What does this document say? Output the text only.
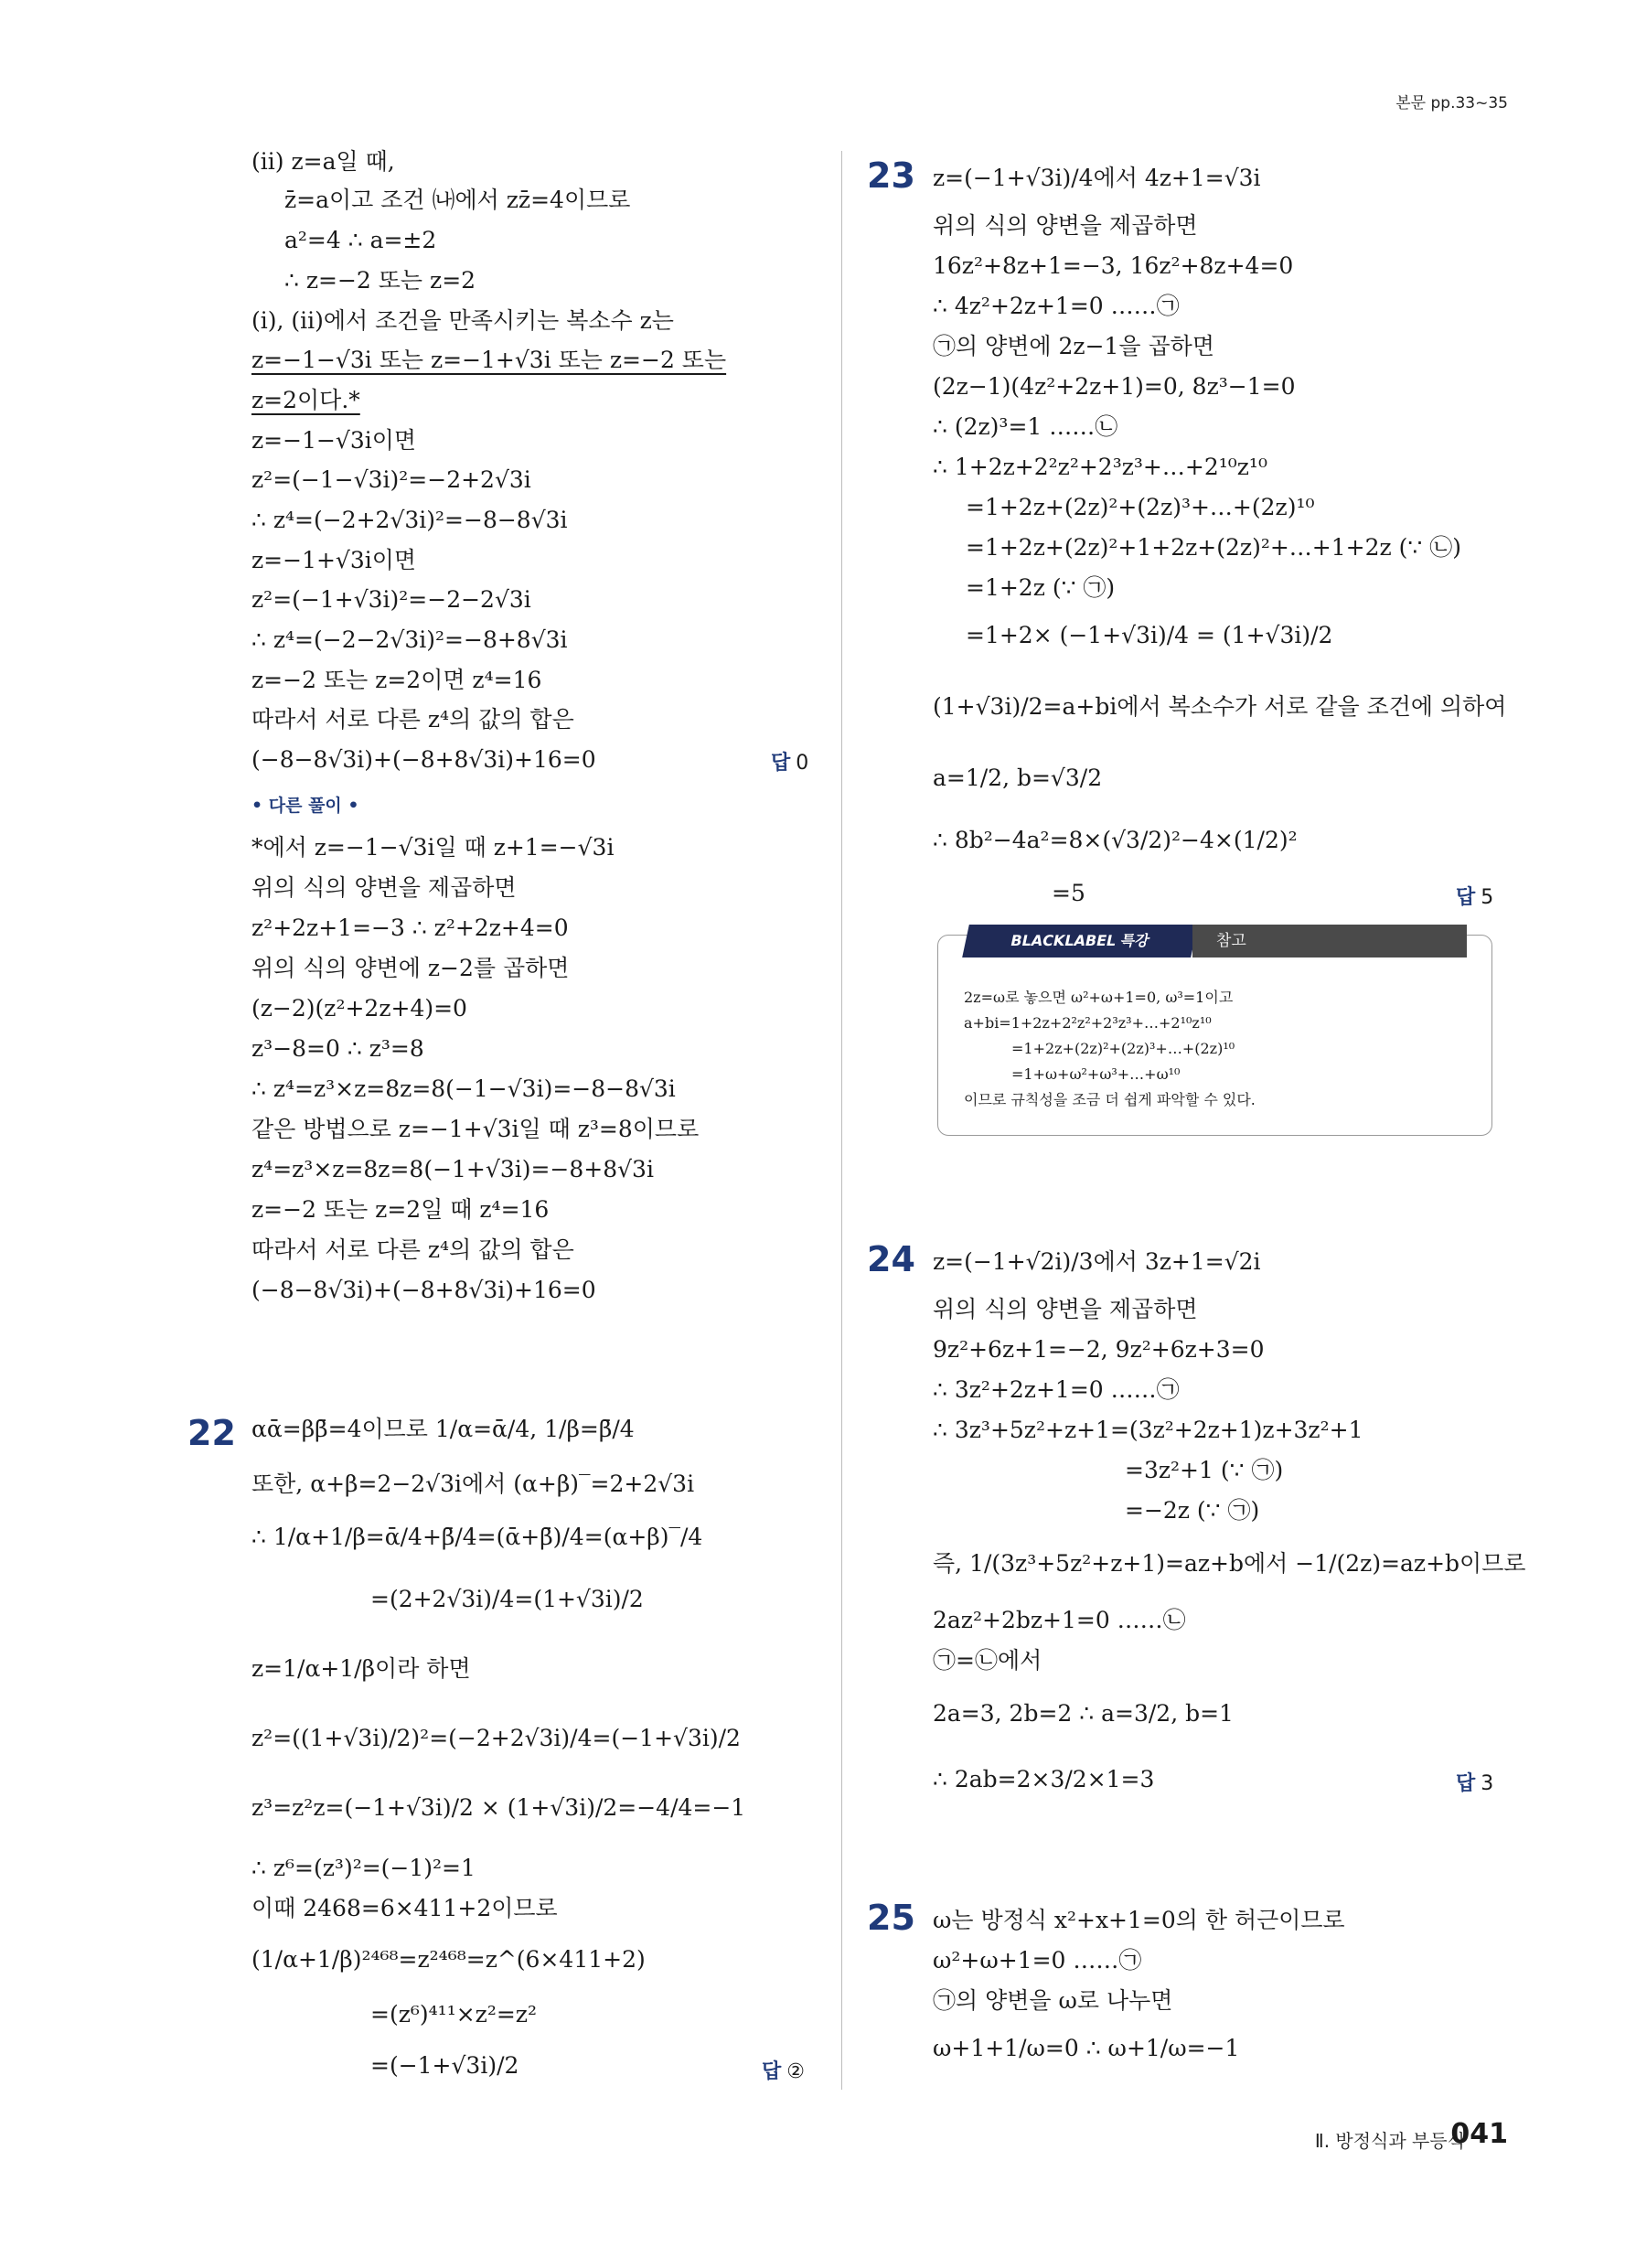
본문 pp.33~35
(ⅱ) z=a일 때,
z̄=a이고 조건 ㈏에서 zz̄=4이므로
a²=4 ∴ a=±2
∴ z=−2 또는 z=2
(ⅰ), (ⅱ)에서 조건을 만족시키는 복소수 z는
z=−1−√3i 또는 z=−1+√3i 또는 z=−2 또는
z=2이다.*
z=−1−√3i이면
z²=(−1−√3i)²=−2+2√3i
∴ z⁴=(−2+2√3i)²=−8−8√3i
z=−1+√3i이면
z²=(−1+√3i)²=−2−2√3i
∴ z⁴=(−2−2√3i)²=−8+8√3i
z=−2 또는 z=2이면 z⁴=16
따라서 서로 다른 z⁴의 값의 합은
(−8−8√3i)+(−8+8√3i)+16=0	답 0
• 다른 풀이 •
*에서 z=−1−√3i일 때 z+1=−√3i
위의 식의 양변을 제곱하면
z²+2z+1=−3 ∴ z²+2z+4=0
위의 식의 양변에 z−2를 곱하면
(z−2)(z²+2z+4)=0
z³−8=0 ∴ z³=8
∴ z⁴=z³×z=8z=8(−1−√3i)=−8−8√3i
같은 방법으로 z=−1+√3i일 때 z³=8이므로
z⁴=z³×z=8z=8(−1+√3i)=−8+8√3i
z=−2 또는 z=2일 때 z⁴=16
따라서 서로 다른 z⁴의 값의 합은
(−8−8√3i)+(−8+8√3i)+16=0
22 αᾱ=ββ̄=4이므로 1/α=ᾱ/4, 1/β=β̄/4
또한, α+β=2−2√3i에서 (α+β)‾=2+2√3i
∴ 1/α+1/β=ᾱ/4+β̄/4=(ᾱ+β̄)/4=(α+β)‾/4
=(2+2√3i)/4=(1+√3i)/2
z=1/α+1/β이라 하면
z²=((1+√3i)/2)²=(−2+2√3i)/4=(−1+√3i)/2
z³=z²z=(−1+√3i)/2 × (1+√3i)/2=−4/4=−1
∴ z⁶=(z³)²=(−1)²=1
이때 2468=6×411+2이므로
(1/α+1/β)²⁴⁶⁸=z²⁴⁶⁸=z^(6×411+2)
=(z⁶)⁴¹¹×z²=z²
=(−1+√3i)/2	답 ②
23 z=(−1+√3i)/4에서 4z+1=√3i
위의 식의 양변을 제곱하면
16z²+8z+1=−3, 16z²+8z+4=0
∴ 4z²+2z+1=0 ……㉠
㉠의 양변에 2z−1을 곱하면
(2z−1)(4z²+2z+1)=0, 8z³−1=0
∴ (2z)³=1 ……㉡
∴ 1+2z+2²z²+2³z³+…+2¹⁰z¹⁰
=1+2z+(2z)²+(2z)³+…+(2z)¹⁰
=1+2z+(2z)²+1+2z+(2z)²+…+1+2z (∵ ㉡)
=1+2z (∵ ㉠)
=1+2× (−1+√3i)/4 = (1+√3i)/2
(1+√3i)/2=a+bi에서 복소수가 서로 같을 조건에 의하여
a=1/2, b=√3/2
∴ 8b²−4a²=8×(√3/2)²−4×(1/2)²
=5	답 5
BLACKLABEL 특강	참고
2z=ω로 놓으면 ω²+ω+1=0, ω³=1이고
a+bi=1+2z+2²z²+2³z³+…+2¹⁰z¹⁰
=1+2z+(2z)²+(2z)³+…+(2z)¹⁰
=1+ω+ω²+ω³+…+ω¹⁰
이므로 규칙성을 조금 더 쉽게 파악할 수 있다.
24 z=(−1+√2i)/3에서 3z+1=√2i
위의 식의 양변을 제곱하면
9z²+6z+1=−2, 9z²+6z+3=0
∴ 3z²+2z+1=0 ……㉠
∴ 3z³+5z²+z+1=(3z²+2z+1)z+3z²+1
=3z²+1 (∵ ㉠)
=−2z (∵ ㉠)
즉, 1/(3z³+5z²+z+1)=az+b에서 −1/(2z)=az+b이므로
2az²+2bz+1=0 ……㉡
㉠=㉡에서
2a=3, 2b=2 ∴ a=3/2, b=1
∴ 2ab=2×3/2×1=3	답 3
25 ω는 방정식 x²+x+1=0의 한 허근이므로
ω²+ω+1=0 ……㉠
㉠의 양변을 ω로 나누면
ω+1+1/ω=0 ∴ ω+1/ω=−1
Ⅱ. 방정식과 부등식
041
